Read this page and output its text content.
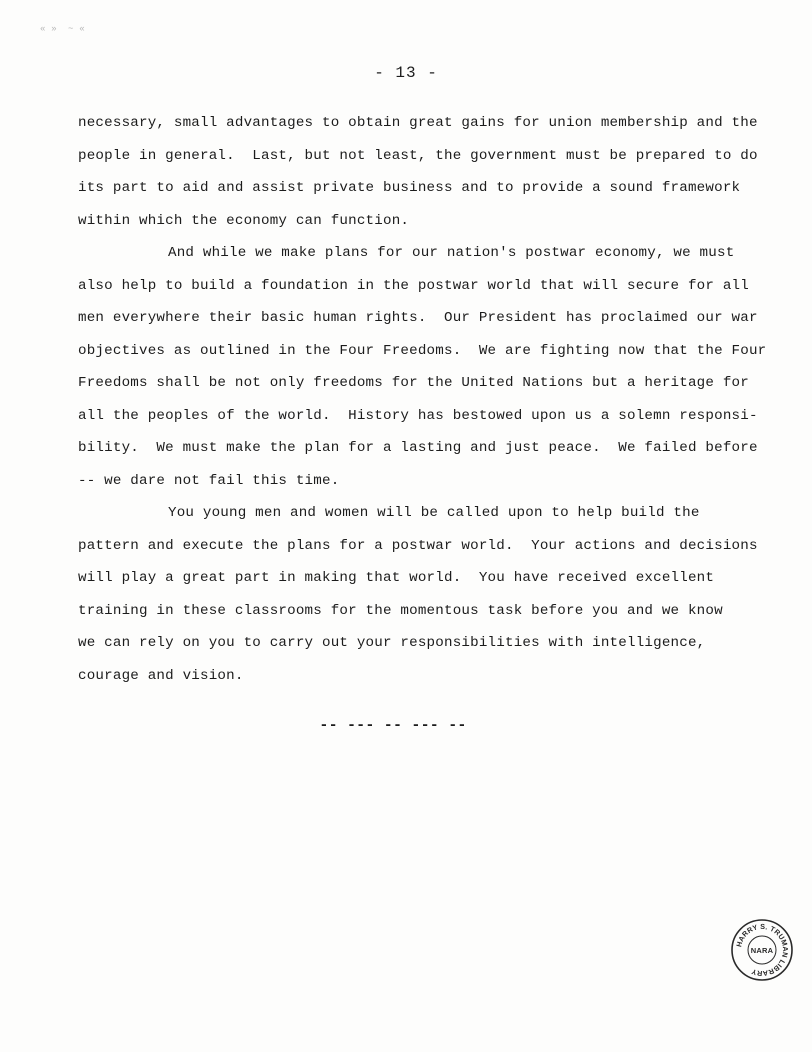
« »  ~ «
- 13 -
necessary, small advantages to obtain great gains for union membership and the
people in general.  Last, but not least, the government must be prepared to do
its part to aid and assist private business and to provide a sound framework
within which the economy can function.
And while we make plans for our nation's postwar economy, we must
also help to build a foundation in the postwar world that will secure for all
men everywhere their basic human rights.  Our President has proclaimed our war
objectives as outlined in the Four Freedoms.  We are fighting now that the Four
Freedoms shall be not only freedoms for the United Nations but a heritage for
all the peoples of the world.  History has bestowed upon us a solemn responsi-
bility.  We must make the plan for a lasting and just peace.  We failed before
-- we dare not fail this time.
You young men and women will be called upon to help build the
pattern and execute the plans for a postwar world.  Your actions and decisions
will play a great part in making that world.  You have received excellent
training in these classrooms for the momentous task before you and we know
we can rely on you to carry out your responsibilities with intelligence,
courage and vision.
-- --- -- --- --
HARRY S. TRUMAN LIBRARY
NARA
